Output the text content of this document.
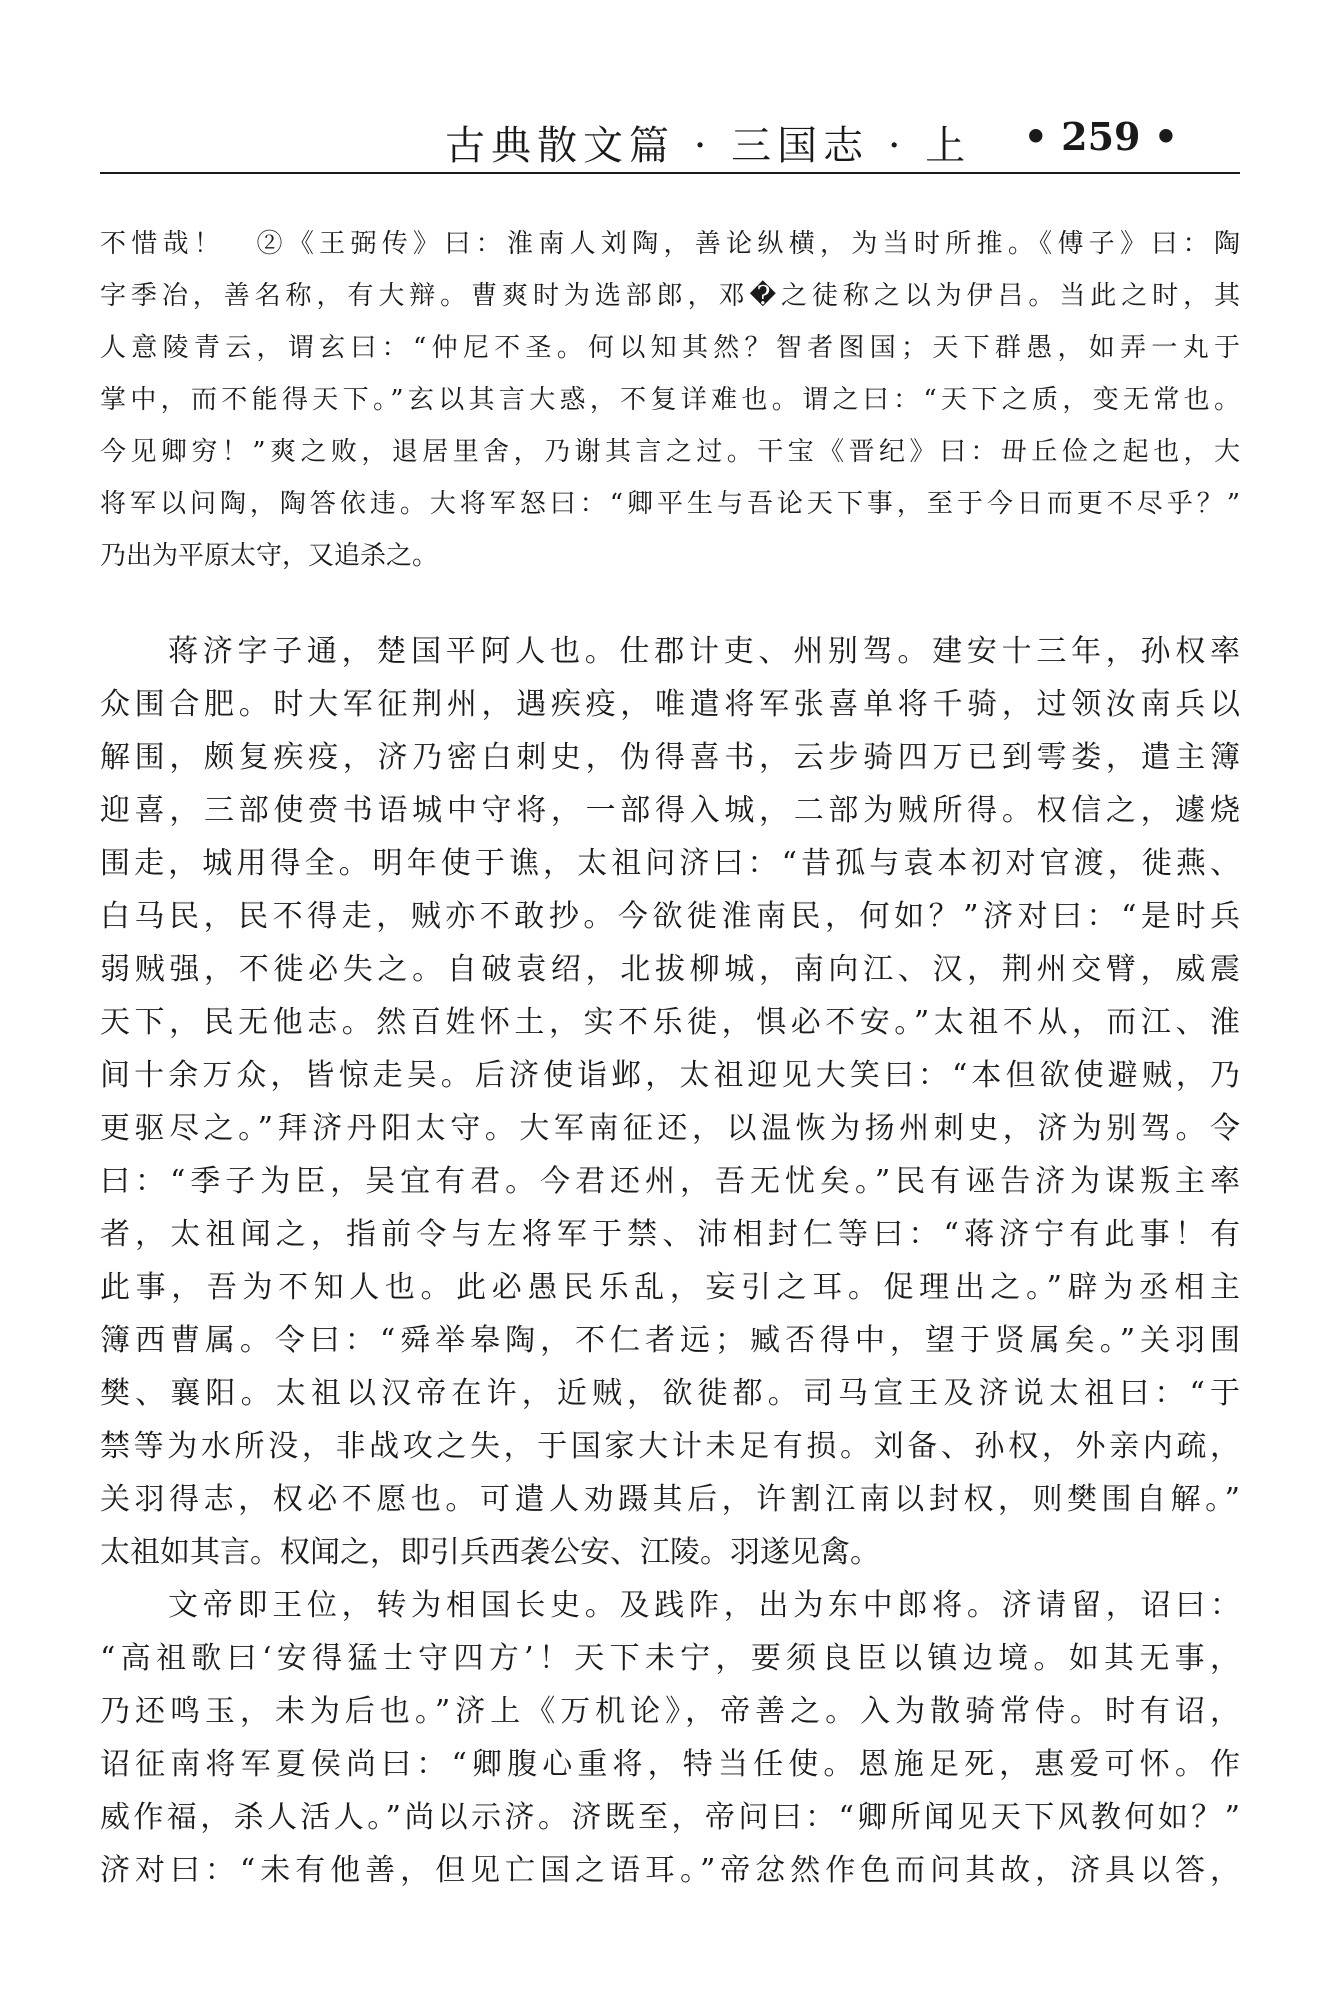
古典散文篇 · 三国志 · 上 • 259 •
不惜哉！　②《王弼传》曰：淮南人刘陶，善论纵横，为当时所推。《傅子》曰：陶
字季冶，善名称，有大辩。曹爽时为选部郎，邓�之徒称之以为伊吕。当此之时，其
人意陵青云，谓玄曰：“仲尼不圣。何以知其然？智者图国；天下群愚，如弄一丸于
掌中，而不能得天下。”玄以其言大惑，不复详难也。谓之曰：“天下之质，变无常也。
今见卿穷！”爽之败，退居里舍，乃谢其言之过。干宝《晋纪》曰：毌丘俭之起也，大
将军以问陶，陶答依违。大将军怒曰：“卿平生与吾论天下事，至于今日而更不尽乎？”
乃出为平原太守，又追杀之。
蒋济字子通，楚国平阿人也。仕郡计吏、州别驾。建安十三年，孙权率
众围合肥。时大军征荆州，遇疾疫，唯遣将军张喜单将千骑，过领汝南兵以
解围，颇复疾疫，济乃密白刺史，伪得喜书，云步骑四万已到雩娄，遣主簿
迎喜，三部使赍书语城中守将，一部得入城，二部为贼所得。权信之，遽烧
围走，城用得全。明年使于谯，太祖问济曰：“昔孤与袁本初对官渡，徙燕、
白马民，民不得走，贼亦不敢抄。今欲徙淮南民，何如？”济对曰：“是时兵
弱贼强，不徙必失之。自破袁绍，北拔柳城，南向江、汉，荆州交臂，威震
天下，民无他志。然百姓怀土，实不乐徙，惧必不安。”太祖不从，而江、淮
间十余万众，皆惊走吴。后济使诣邺，太祖迎见大笑曰：“本但欲使避贼，乃
更驱尽之。”拜济丹阳太守。大军南征还，以温恢为扬州刺史，济为别驾。令
曰：“季子为臣，吴宜有君。今君还州，吾无忧矣。”民有诬告济为谋叛主率
者，太祖闻之，指前令与左将军于禁、沛相封仁等曰：“蒋济宁有此事！有
此事，吾为不知人也。此必愚民乐乱，妄引之耳。促理出之。”辟为丞相主
簿西曹属。令曰：“舜举皋陶，不仁者远；臧否得中，望于贤属矣。”关羽围
樊、襄阳。太祖以汉帝在许，近贼，欲徙都。司马宣王及济说太祖曰：“于
禁等为水所没，非战攻之失，于国家大计未足有损。刘备、孙权，外亲内疏，
关羽得志，权必不愿也。可遣人劝蹑其后，许割江南以封权，则樊围自解。”
太祖如其言。权闻之，即引兵西袭公安、江陵。羽遂见禽。
文帝即王位，转为相国长史。及践阼，出为东中郎将。济请留，诏曰：
“高祖歌曰‘安得猛士守四方’！天下未宁，要须良臣以镇边境。如其无事，
乃还鸣玉，未为后也。”济上《万机论》，帝善之。入为散骑常侍。时有诏，
诏征南将军夏侯尚曰：“卿腹心重将，特当任使。恩施足死，惠爱可怀。作
威作福，杀人活人。”尚以示济。济既至，帝问曰：“卿所闻见天下风教何如？”
济对曰：“未有他善，但见亡国之语耳。”帝忿然作色而问其故，济具以答，
